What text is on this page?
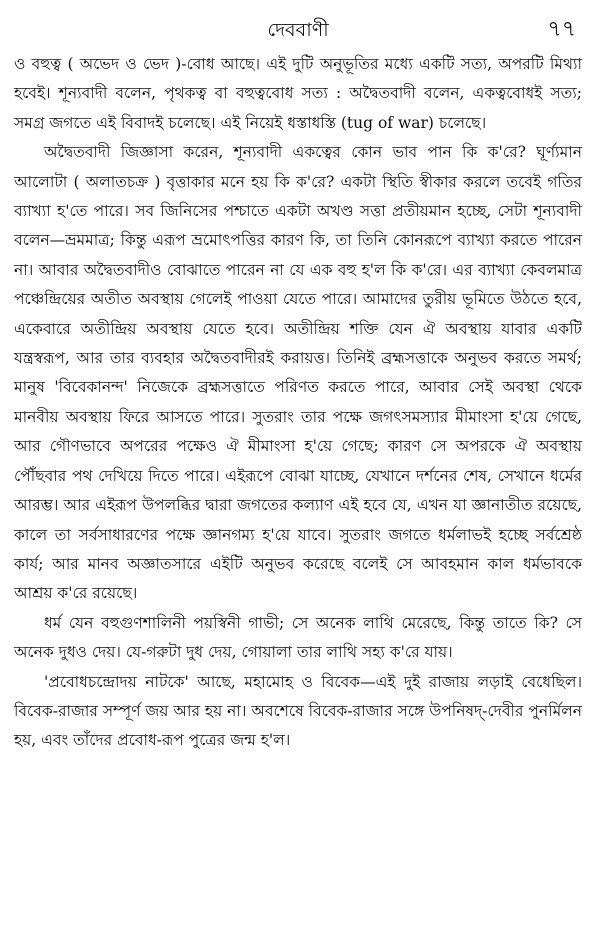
দেববাণী	৭৭

ও বহুত্ব ( অভেদ ও ভেদ )-বোধ আছে। এই দুটি অনুভূতির মধ্যে একটি সত্য, অপরটি মিথ্যা হবেই। শূন্যবাদী বলেন, পৃথকত্ব বা বহুত্ববোধ সত্য : অদ্বৈতবাদী বলেন, একত্ববোধই সত্য; সমগ্র জগতে এই বিবাদই চলেছে। এই নিয়েই ধস্তাধস্তি (tug of war) চলেছে।

অদ্বৈতবাদী জিজ্ঞাসা করেন, শূন্যবাদী একত্বের কোন ভাব পান কি ক'রে? ঘূর্ণ্যমান আলোটা ( অলাতচক্র ) বৃত্তাকার মনে হয় কি ক'রে? একটা স্থিতি স্বীকার করলে তবেই গতির ব্যাখ্যা হ'তে পারে। সব জিনিসের পশ্চাতে একটা অখণ্ড সত্তা প্রতীয়মান হচ্ছে, সেটা শূন্যবাদী বলেন—ভ্রমমাত্র; কিন্তু এরূপ ভ্রমোৎপত্তির কারণ কি, তা তিনি কোনরূপে ব্যাখ্যা করতে পারেন না। আবার অদ্বৈতবাদীও বোঝাতে পারেন না যে এক বহু হ'ল কি ক'রে। এর ব্যাখ্যা কেবলমাত্র পঞ্চেন্দ্রিয়ের অতীত অবস্থায় গেলেই পাওয়া যেতে পারে। আমাদের তুরীয় ভূমিতে উঠতে হবে, একেবারে অতীন্দ্রিয় অবস্থায় যেতে হবে। অতীন্দ্রিয় শক্তি যেন ঐ অবস্থায় যাবার একটি যন্ত্রস্বরূপ, আর তার ব্যবহার অদ্বৈতবাদীরই করায়ত্ত। তিনিই ব্রহ্মসত্তাকে অনুভব করতে সমর্থ; মানুষ 'বিবেকানন্দ' নিজেকে ব্রহ্মসত্তাতে পরিণত করতে পারে, আবার সেই অবস্থা থেকে মানবীয় অবস্থায় ফিরে আসতে পারে। সুতরাং তার পক্ষে জগৎসমস্যার মীমাংসা হ'য়ে গেছে, আর গৌণভাবে অপরের পক্ষেও ঐ মীমাংসা হ'য়ে গেছে; কারণ সে অপরকে ঐ অবস্থায় পৌঁছবার পথ দেখিয়ে দিতে পারে। এইরূপে বোঝা যাচ্ছে, যেখানে দর্শনের শেষ, সেখানে ধর্মের আরম্ভ। আর এইরূপ উপলব্ধির দ্বারা জগতের কল্যাণ এই হবে যে, এখন যা জ্ঞানাতীত রয়েছে, কালে তা সর্বসাধারণের পক্ষে জ্ঞানগম্য হ'য়ে যাবে। সুতরাং জগতে ধর্মলাভই হচ্ছে সর্বশ্রেষ্ঠ কার্য; আর মানব অজ্ঞাতসারে এইটি অনুভব করেছে বলেই সে আবহমান কাল ধর্মভাবকে আশ্রয় ক'রে রয়েছে।

ধর্ম যেন বহুগুণশালিনী পয়স্বিনী গাভী; সে অনেক লাথি মেরেছে, কিন্তু তাতে কি? সে অনেক দুধও দেয়। যে-গরুটা দুধ দেয়, গোয়ালা তার লাথি সহ্য ক'রে যায়।

'প্রবোধচন্দ্রোদয় নাটকে' আছে, মহামোহ ও বিবেক—এই দুই রাজায় লড়াই বেধেছিল। বিবেক-রাজার সম্পূর্ণ জয় আর হয় না। অবশেষে বিবেক-রাজার সঙ্গে উপনিষদ্-দেবীর পুনর্মিলন হয়, এবং তাঁদের প্রবোধ-রূপ পুত্রের জন্ম হ'ল।
